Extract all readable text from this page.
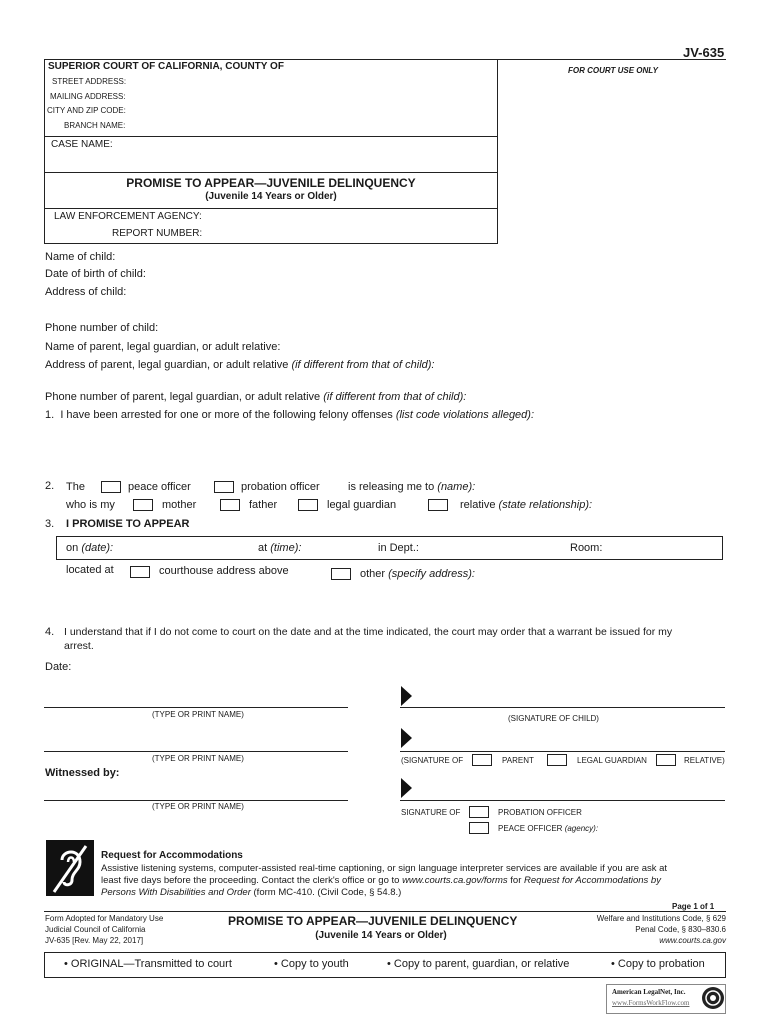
JV-635
SUPERIOR COURT OF CALIFORNIA, COUNTY OF
STREET ADDRESS:
MAILING ADDRESS:
CITY AND ZIP CODE:
BRANCH NAME:
FOR COURT USE ONLY
CASE NAME:
PROMISE TO APPEAR—JUVENILE DELINQUENCY
(Juvenile 14 Years or Older)
LAW ENFORCEMENT AGENCY:
REPORT NUMBER:
Name of child:
Date of birth of child:
Address of child:
Phone number of child:
Name of parent, legal guardian, or adult relative:
Address of parent, legal guardian, or adult relative (if different from that of child):
Phone number of parent, legal guardian, or adult relative (if different from that of child):
1. I have been arrested for one or more of the following felony offenses (list code violations alleged):
2. The	peace officer	probation officer	is releasing me to (name):
who is my	mother	father	legal guardian	relative (state relationship):
3. I PROMISE TO APPEAR
on (date):	at (time):	in Dept.:	Room:
located at	courthouse address above	other (specify address):
4. I understand that if I do not come to court on the date and at the time indicated, the court may order that a warrant be issued for my
arrest.
Date:
(TYPE OR PRINT NAME)	(SIGNATURE OF CHILD)
(TYPE OR PRINT NAME)	(SIGNATURE OF	PARENT	LEGAL GUARDIAN	RELATIVE)
Witnessed by:
(TYPE OR PRINT NAME)
SIGNATURE OF	PROBATION OFFICER
PEACE OFFICER (agency):
Request for Accommodations
Assistive listening systems, computer-assisted real-time captioning, or sign language interpreter services are available if you are ask at
least five days before the proceeding. Contact the clerk's office or go to www.courts.ca.gov/forms for Request for Accommodations by
Persons With Disabilities and Order (form MC-410. (Civil Code, § 54.8.)
Page 1 of 1
Form Adopted for Mandatory Use
Judicial Council of California
JV-635 [Rev. May 22, 2017]
PROMISE TO APPEAR—JUVENILE DELINQUENCY
(Juvenile 14 Years or Older)
Welfare and Institutions Code, § 629
Penal Code, § 830–830.6
www.courts.ca.gov
• ORIGINAL—Transmitted to court	• Copy to youth	• Copy to parent, guardian, or relative	• Copy to probation
American LegalNet, Inc.
www.FormsWorkFlow.com
